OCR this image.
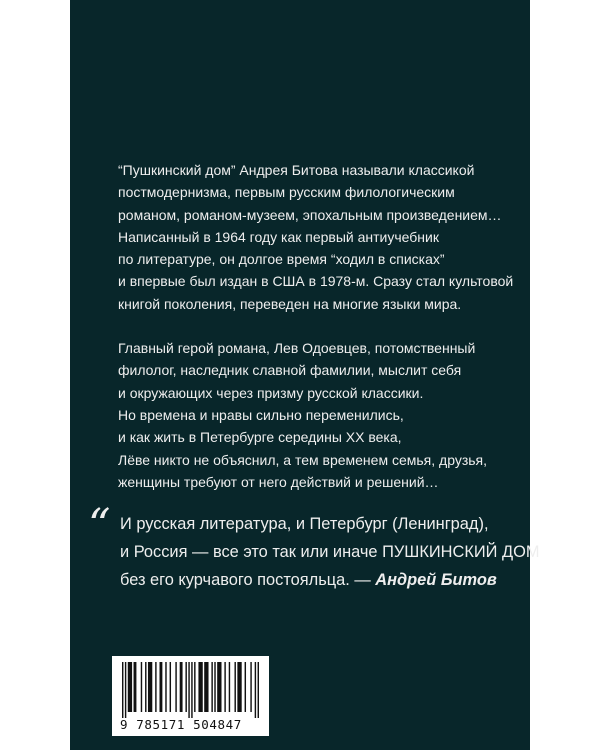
“Пушкинский дом” Андрея Битова называли классикой
постмодернизма, первым русским филологическим
романом, романом-музеем, эпохальным произведением…
Написанный в 1964 году как первый антиучебник
по литературе, он долгое время “ходил в списках”
и впервые был издан в США в 1978-м. Сразу стал культовой
книгой поколения, переведен на многие языки мира.
Главный герой романа, Лев Одоевцев, потомственный
филолог, наследник славной фамилии, мыслит себя
и окружающих через призму русской классики.
Но времена и нравы сильно переменились,
и как жить в Петербурге середины XX века,
Лёве никто не объяснил, а тем временем семья, друзья,
женщины требуют от него действий и решений…
“ И русская литература, и Петербург (Ленинград),
и Россия — все это так или иначе ПУШКИНСКИЙ ДОМ
без его курчавого постояльца. — Андрей Битов
9 785171 504847
